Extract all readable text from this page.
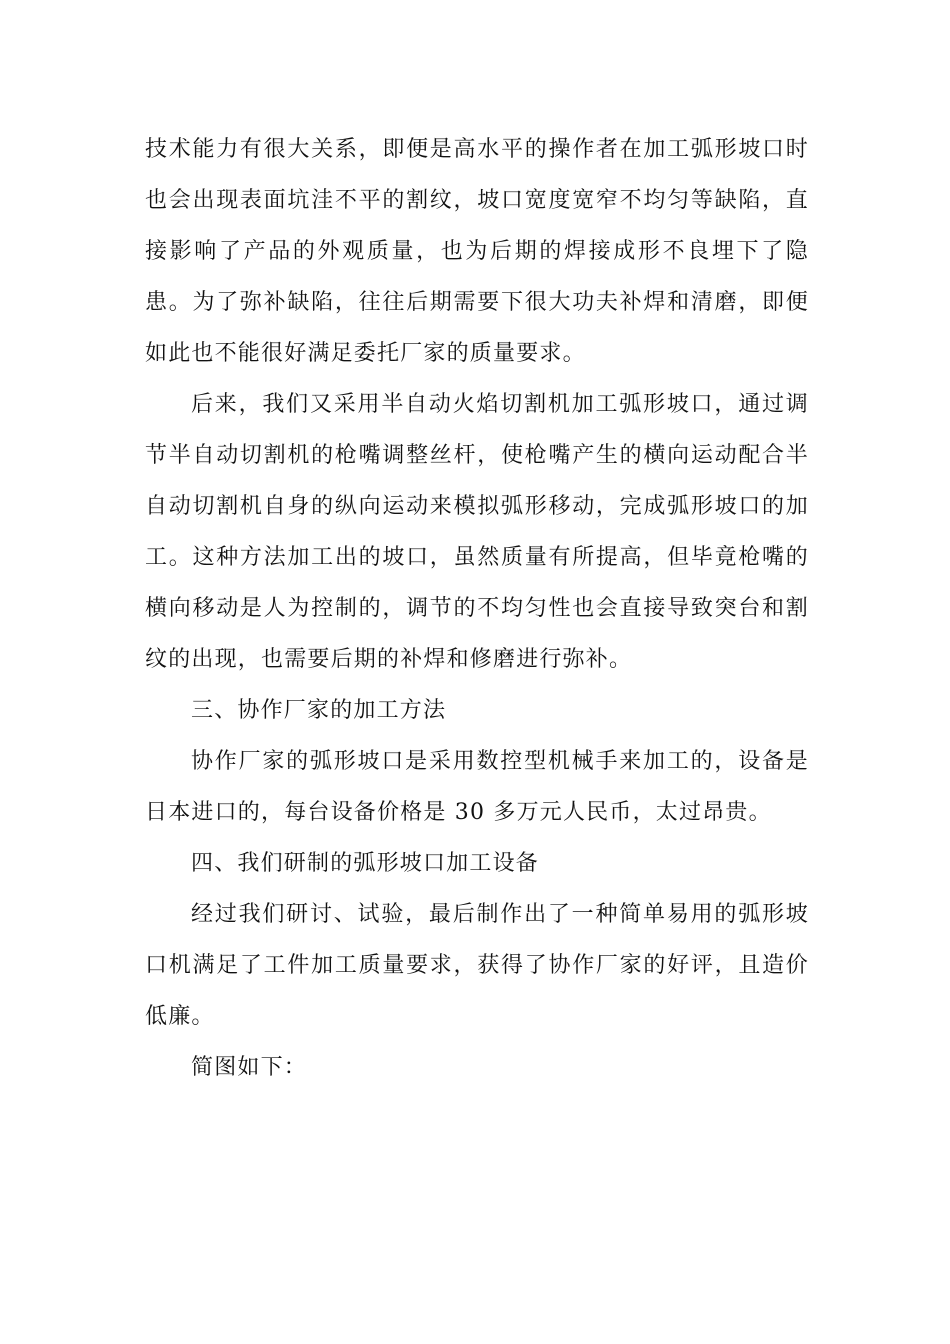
技术能力有很大关系，即便是高水平的操作者在加工弧形坡口时也会出现表面坑洼不平的割纹，坡口宽度宽窄不均匀等缺陷，直接影响了产品的外观质量，也为后期的焊接成形不良埋下了隐患。为了弥补缺陷，往往后期需要下很大功夫补焊和清磨，即便如此也不能很好满足委托厂家的质量要求。

后来，我们又采用半自动火焰切割机加工弧形坡口，通过调节半自动切割机的枪嘴调整丝杆，使枪嘴产生的横向运动配合半自动切割机自身的纵向运动来模拟弧形移动，完成弧形坡口的加工。这种方法加工出的坡口，虽然质量有所提高，但毕竟枪嘴的横向移动是人为控制的，调节的不均匀性也会直接导致突台和割纹的出现，也需要后期的补焊和修磨进行弥补。

三、协作厂家的加工方法

协作厂家的弧形坡口是采用数控型机械手来加工的，设备是日本进口的，每台设备价格是 30 多万元人民币，太过昂贵。

四、我们研制的弧形坡口加工设备

经过我们研讨、试验，最后制作出了一种简单易用的弧形坡口机满足了工件加工质量要求，获得了协作厂家的好评，且造价低廉。

简图如下：
